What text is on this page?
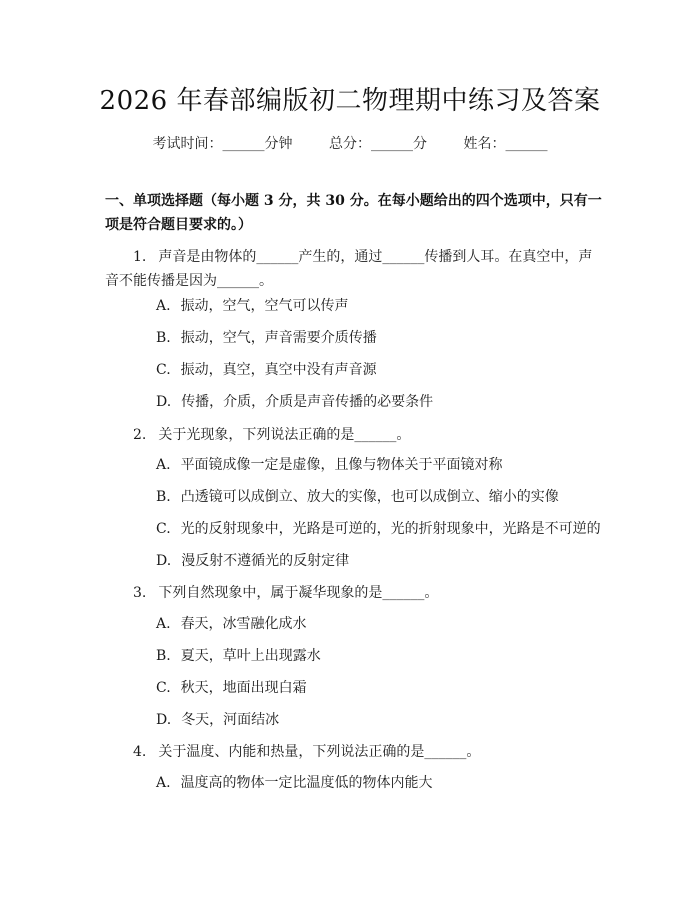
2026 年春部编版初二物理期中练习及答案
考试时间：______分钟	总分：______分	姓名：______
一、单项选择题（每小题 3 分，共 30 分。在每小题给出的四个选项中，只有一项是符合题目要求的。）
1. 声音是由物体的______产生的，通过______传播到人耳。在真空中，声音不能传播是因为______。
A. 振动，空气，空气可以传声
B. 振动，空气，声音需要介质传播
C. 振动，真空，真空中没有声音源
D. 传播，介质，介质是声音传播的必要条件
2. 关于光现象，下列说法正确的是______。
A. 平面镜成像一定是虚像，且像与物体关于平面镜对称
B. 凸透镜可以成倒立、放大的实像，也可以成倒立、缩小的实像
C. 光的反射现象中，光路是可逆的，光的折射现象中，光路是不可逆的
D. 漫反射不遵循光的反射定律
3. 下列自然现象中，属于凝华现象的是______。
A. 春天，冰雪融化成水
B. 夏天，草叶上出现露水
C. 秋天，地面出现白霜
D. 冬天，河面结冰
4. 关于温度、内能和热量，下列说法正确的是______。
A. 温度高的物体一定比温度低的物体内能大
